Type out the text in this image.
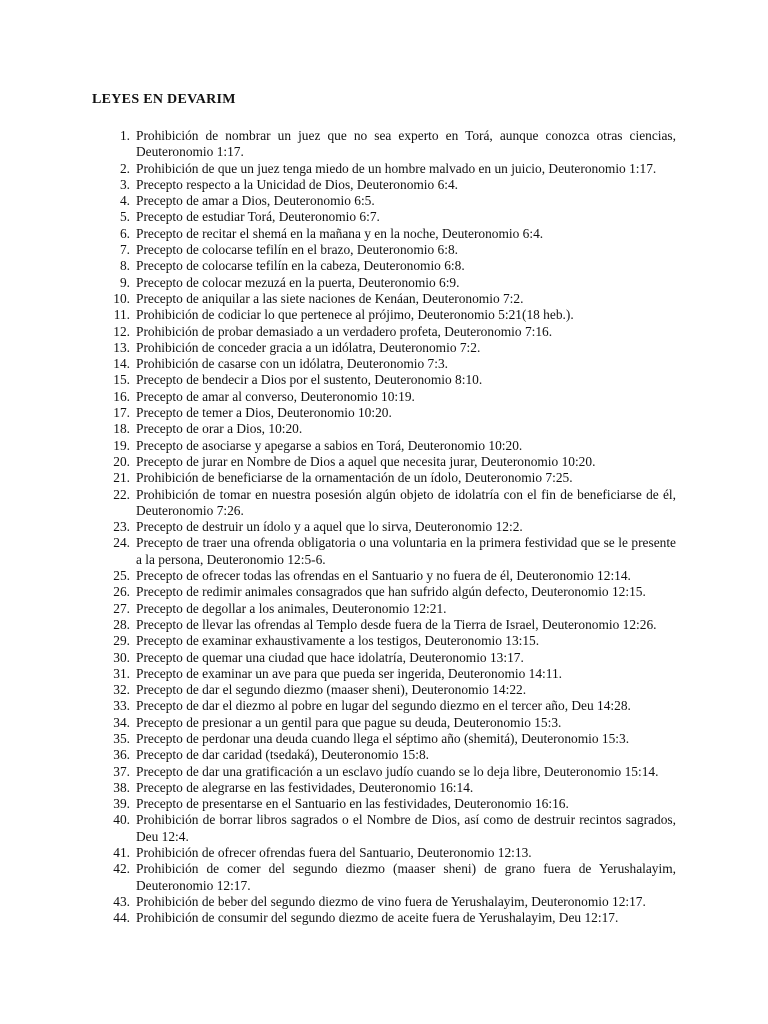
LEYES EN DEVARIM
1. Prohibición de nombrar un juez que no sea experto en Torá, aunque conozca otras ciencias, Deuteronomio 1:17.
2. Prohibición de que un juez tenga miedo de un hombre malvado en un juicio, Deuteronomio 1:17.
3. Precepto respecto a la Unicidad de Dios, Deuteronomio 6:4.
4. Precepto de amar a Dios, Deuteronomio 6:5.
5. Precepto de estudiar Torá, Deuteronomio 6:7.
6. Precepto de recitar el shemá en la mañana y en la noche, Deuteronomio 6:4.
7. Precepto de colocarse tefilín en el brazo, Deuteronomio 6:8.
8. Precepto de colocarse tefilín en la cabeza, Deuteronomio 6:8.
9. Precepto de colocar mezuzá en la puerta, Deuteronomio 6:9.
10. Precepto de aniquilar a las siete naciones de Kenáan, Deuteronomio 7:2.
11. Prohibición de codiciar lo que pertenece al prójimo, Deuteronomio 5:21(18 heb.).
12. Prohibición de probar demasiado a un verdadero profeta, Deuteronomio 7:16.
13. Prohibición de conceder gracia a un idólatra, Deuteronomio 7:2.
14. Prohibición de casarse con un idólatra, Deuteronomio 7:3.
15. Precepto de bendecir a Dios por el sustento, Deuteronomio 8:10.
16. Precepto de amar al converso, Deuteronomio 10:19.
17. Precepto de temer a Dios, Deuteronomio 10:20.
18. Precepto de orar a Dios, 10:20.
19. Precepto de asociarse y apegarse a sabios en Torá, Deuteronomio 10:20.
20. Precepto de jurar en Nombre de Dios a aquel que necesita jurar, Deuteronomio 10:20.
21. Prohibición de beneficiarse de la ornamentación de un ídolo, Deuteronomio 7:25.
22. Prohibición de tomar en nuestra posesión algún objeto de idolatría con el fin de beneficiarse de él, Deuteronomio 7:26.
23. Precepto de destruir un ídolo y a aquel que lo sirva, Deuteronomio 12:2.
24. Precepto de traer una ofrenda obligatoria o una voluntaria en la primera festividad que se le presente a la persona, Deuteronomio 12:5-6.
25. Precepto de ofrecer todas las ofrendas en el Santuario y no fuera de él, Deuteronomio 12:14.
26. Precepto de redimir animales consagrados que han sufrido algún defecto, Deuteronomio 12:15.
27. Precepto de degollar a los animales, Deuteronomio 12:21.
28. Precepto de llevar las ofrendas al Templo desde fuera de la Tierra de Israel, Deuteronomio 12:26.
29. Precepto de examinar exhaustivamente a los testigos, Deuteronomio 13:15.
30. Precepto de quemar una ciudad que hace idolatría, Deuteronomio 13:17.
31. Precepto de examinar un ave para que pueda ser ingerida, Deuteronomio 14:11.
32. Precepto de dar el segundo diezmo (maaser sheni), Deuteronomio 14:22.
33. Precepto de dar el diezmo al pobre en lugar del segundo diezmo en el tercer año, Deu 14:28.
34. Precepto de presionar a un gentil para que pague su deuda, Deuteronomio 15:3.
35. Precepto de perdonar una deuda cuando llega el séptimo año (shemitá), Deuteronomio 15:3.
36. Precepto de dar caridad (tsedaká), Deuteronomio 15:8.
37. Precepto de dar una gratificación a un esclavo judío cuando se lo deja libre, Deuteronomio 15:14.
38. Precepto de alegrarse en las festividades, Deuteronomio 16:14.
39. Precepto de presentarse en el Santuario en las festividades, Deuteronomio 16:16.
40. Prohibición de borrar libros sagrados o el Nombre de Dios, así como de destruir recintos sagrados, Deu 12:4.
41. Prohibición de ofrecer ofrendas fuera del Santuario, Deuteronomio 12:13.
42. Prohibición de comer del segundo diezmo (maaser sheni) de grano fuera de Yerushalayim, Deuteronomio 12:17.
43. Prohibición de beber del segundo diezmo de vino fuera de Yerushalayim, Deuteronomio 12:17.
44. Prohibición de consumir del segundo diezmo de aceite fuera de Yerushalayim, Deu 12:17.
